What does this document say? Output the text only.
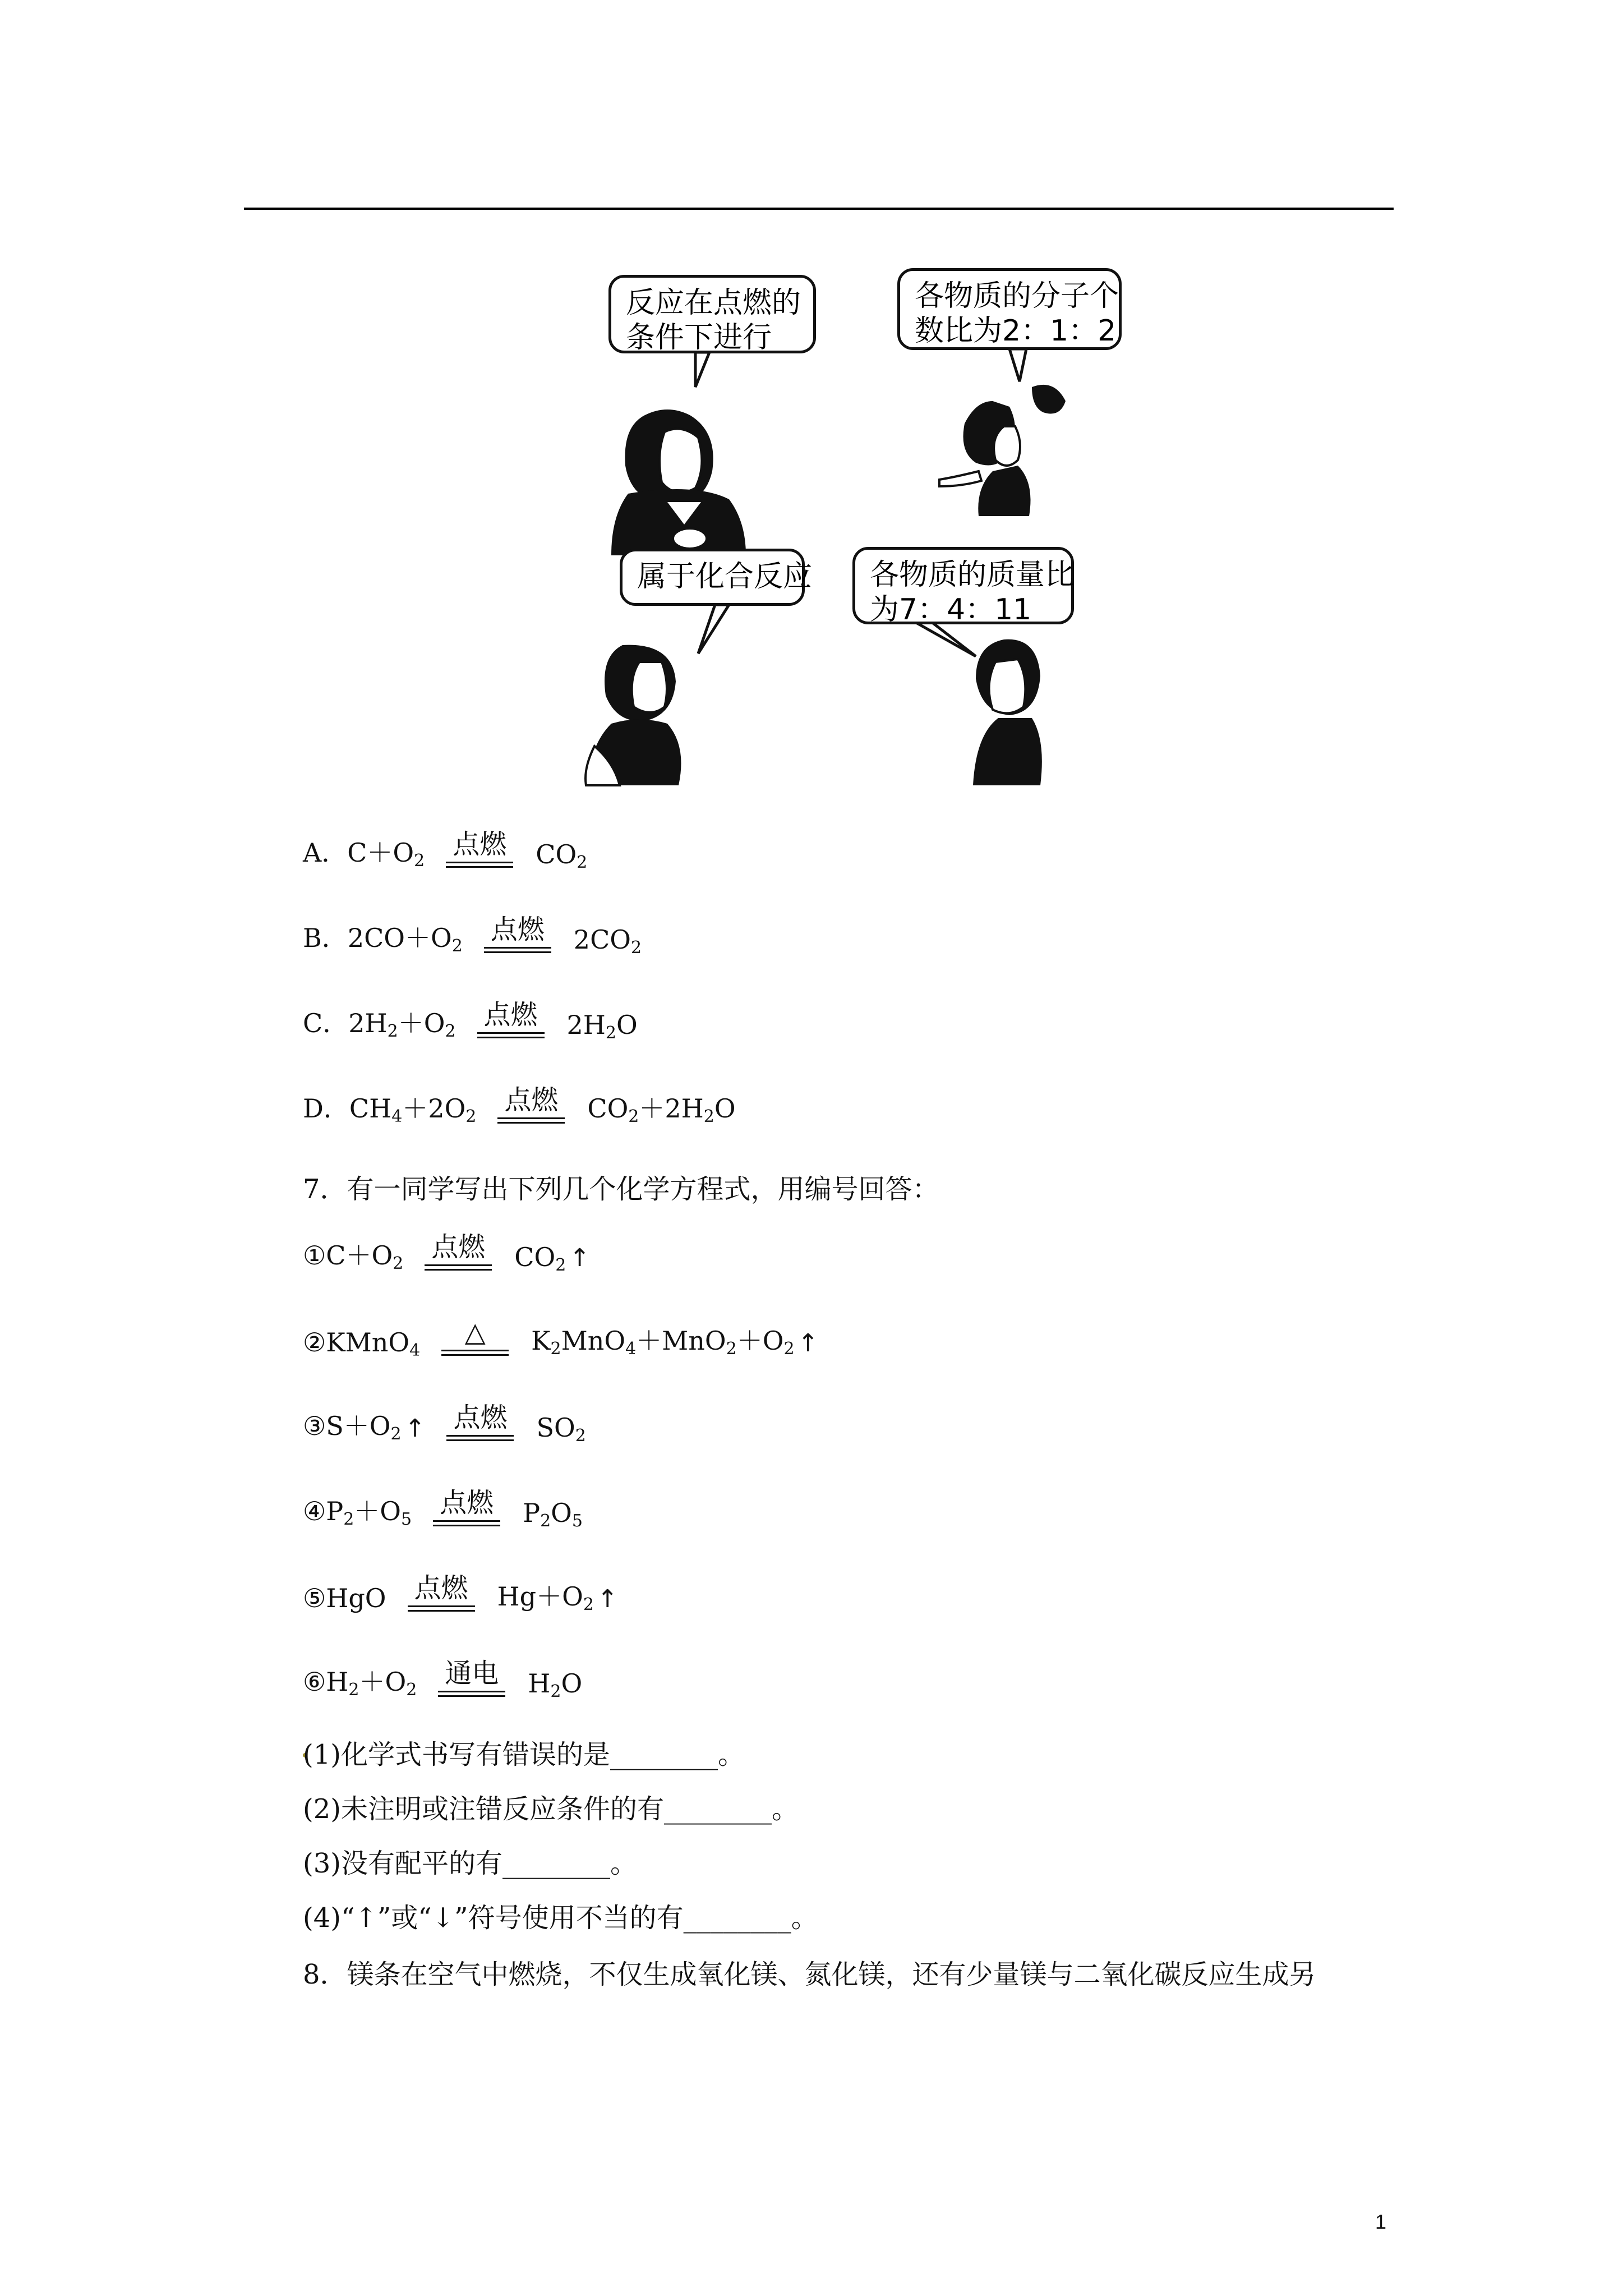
反应在点燃的
条件下进行
各物质的分子个
数比为2：1：2
属于化合反应 各物质的质量比
为7：4：11
A． $C+O_2$
点燃 $CO_2$
B． $2CO+O_2$
点燃 $2CO_2$
C． $2H_2+O_2$
点燃 $2H_2O$
D． $CH_4+2O_2$
点燃 $CO_2+2H_2O$
7．有一同学写出下列几个化学方程式，用编号回答：
$①C+O_2$
点燃 $CO_2$ ↑
②KMnO$_4$
△ $K_2MnO_4+MnO_2+O_2$ ↑
$③S+O_2$ ↑ 点燃 $SO_2$
$④P_2+O_5$
点燃 $P_2O_5$
⑤HgO 点燃 $Hg+O_2$ ↑
$⑥H_2+O_2$
通电 $H_2O$
(1)化学式书写有错误的是________。
(2)未注明或注错反应条件的有________。
(3)没有配平的有________。
(4)“↑”或“↓”符号使用不当的有________。
8．镁条在空气中燃烧，不仅生成氧化镁、氮化镁，还有少量镁与二氧化碳反应生成另
1
